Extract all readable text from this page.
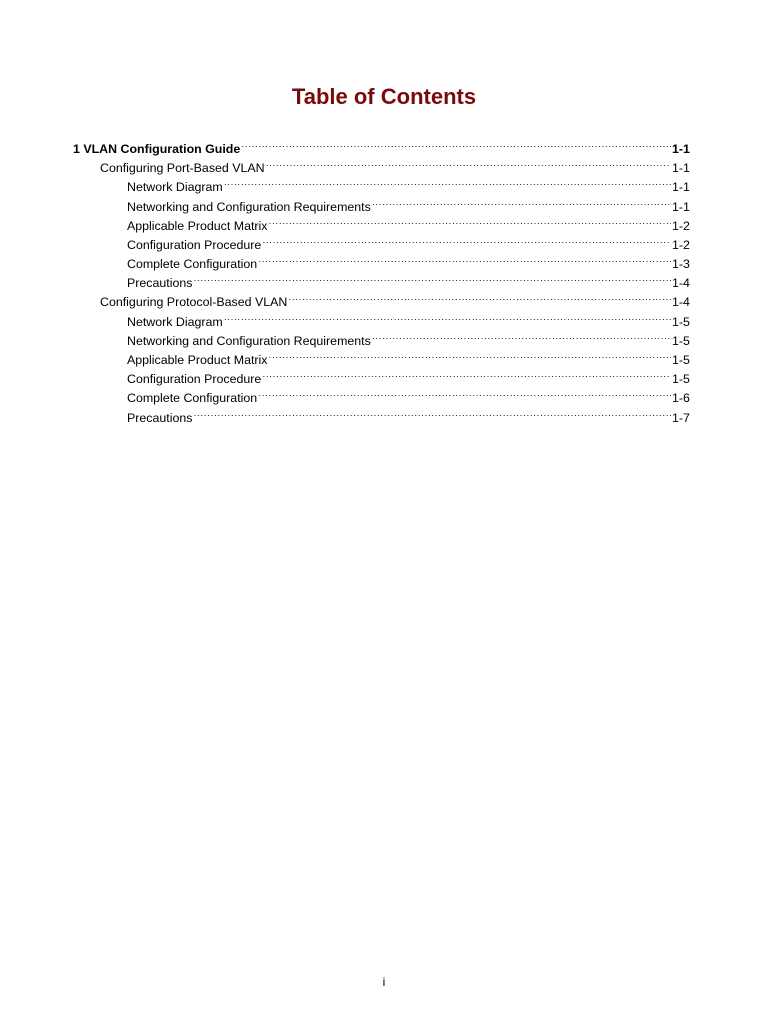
Table of Contents
1 VLAN Configuration Guide ·····	1-1
Configuring Port-Based VLAN ·····	1-1
Network Diagram ·····	1-1
Networking and Configuration Requirements ·····	1-1
Applicable Product Matrix ·····	1-2
Configuration Procedure ·····	1-2
Complete Configuration ·····	1-3
Precautions ·····	1-4
Configuring Protocol-Based VLAN ·····	1-4
Network Diagram ·····	1-5
Networking and Configuration Requirements ·····	1-5
Applicable Product Matrix ·····	1-5
Configuration Procedure ·····	1-5
Complete Configuration ·····	1-6
Precautions ·····	1-7
i
